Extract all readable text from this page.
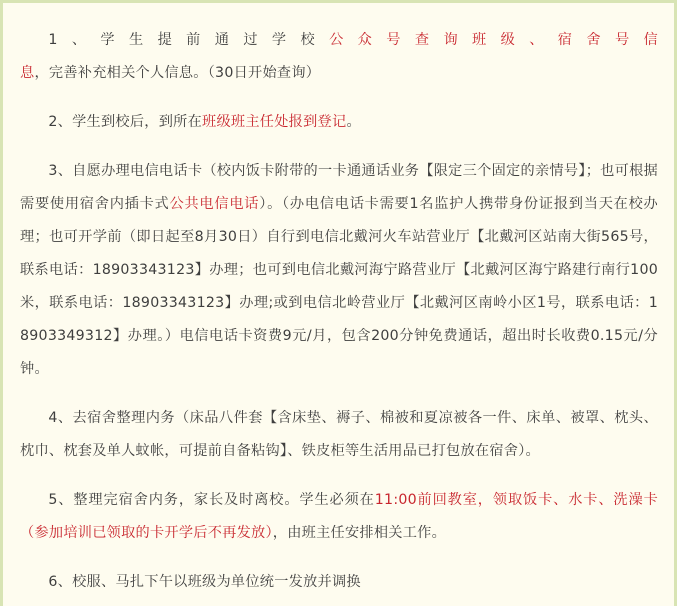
1、学生提前通过学校公众号查询班级、宿舍号信息，完善补充相关个人信息。（30日开始查询）

2、学生到校后，到所在班级班主任处报到登记。

3、自愿办理电信电话卡（校内饭卡附带的一卡通通话业务【限定三个固定的亲情号】；也可根据需要使用宿舍内插卡式公共电信电话）。（办电信电话卡需要1名监护人携带身份证报到当天在校办理；也可开学前（即日起至8月30日）自行到电信北戴河火车站营业厅【北戴河区站南大街565号，联系电话：18903343123】办理；也可到电信北戴河海宁路营业厅【北戴河区海宁路建行南行100米，联系电话：18903343123】办理;或到电信北岭营业厅【北戴河区南岭小区1号，联系电话：18903349312】办理。）电信电话卡资费9元/月，包含200分钟免费通话，超出时长收费0.15元/分钟。

4、去宿舍整理内务（床品八件套【含床垫、褥子、棉被和夏凉被各一件、床单、被罩、枕头、枕巾、枕套及单人蚊帐，可提前自备粘钩】、铁皮柜等生活用品已打包放在宿舍）。

5、整理完宿舍内务，家长及时离校。学生必须在11:00前回教室，领取饭卡、水卡、洗澡卡（参加培训已领取的卡开学后不再发放），由班主任安排相关工作。

6、校服、马扎下午以班级为单位统一发放并调换
